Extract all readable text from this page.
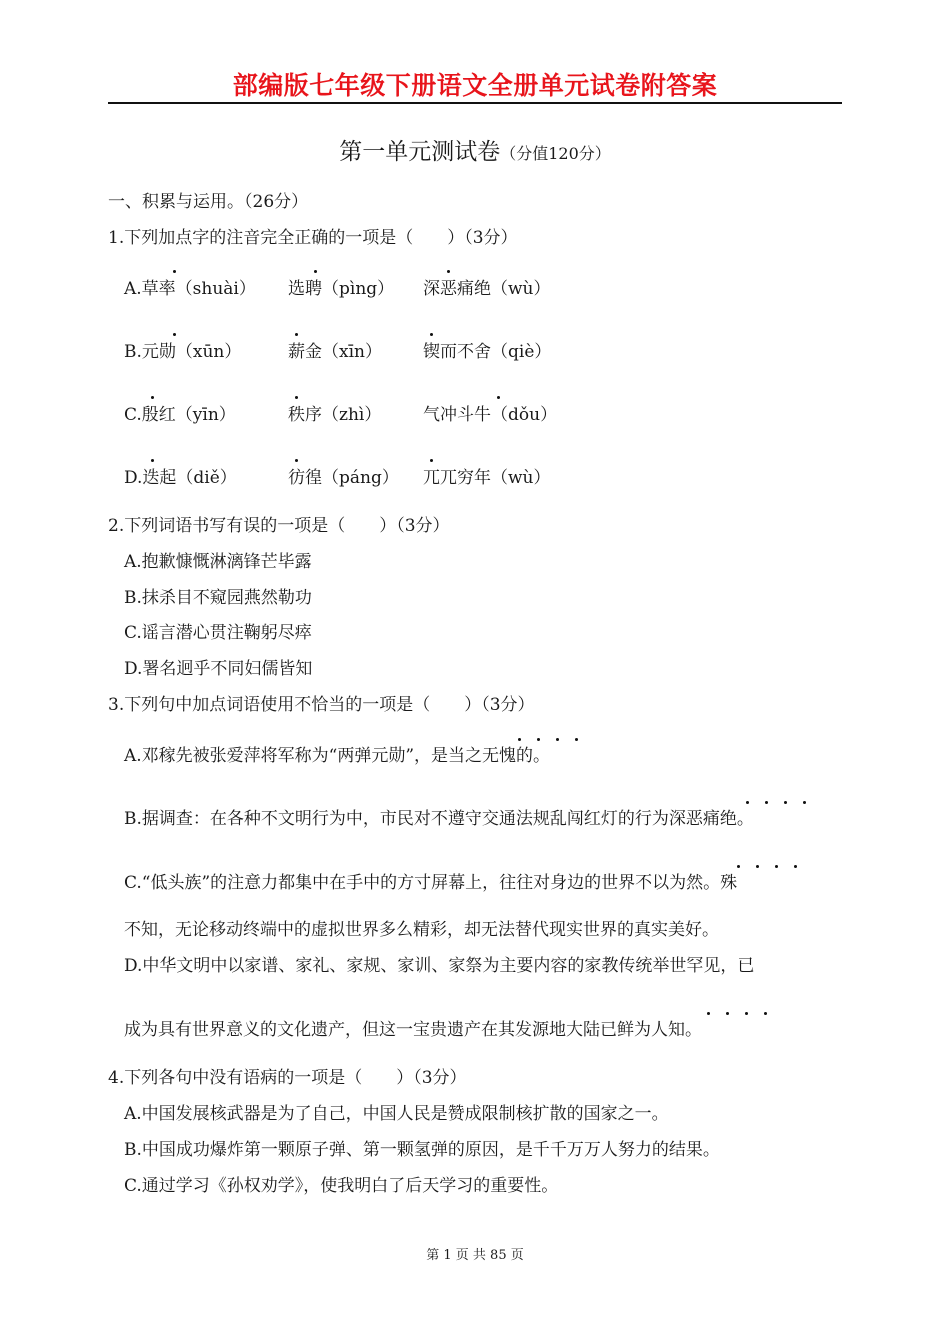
部编版七年级下册语文全册单元试卷附答案
第一单元测试卷（分值120分）
一、积累与运用。（26分）
1.下列加点字的注音完全正确的一项是（　　）（3分）
A.草率（shuài） 选聘（pìng） 深恶痛绝（wù）
B.元勋（xūn）	薪金（xīn） 锲而不舍（qiè）
C.殷红（yīn）	秩序（zhì） 气冲斗牛（dǒu）
D.迭起（diě）	彷徨（páng） 兀兀穷年（wù）
2.下列词语书写有误的一项是（　　）（3分）
A.抱歉慷慨淋漓锋芒毕露
B.抹杀目不窥园燕然勒功
C.谣言潜心贯注鞠躬尽瘁
D.署名迥乎不同妇儒皆知
3.下列句中加点词语使用不恰当的一项是（　　）（3分）
A.邓稼先被张爱萍将军称为“两弹元勋”，是当之无愧的。
B.据调查：在各种不文明行为中，市民对不遵守交通法规乱闯红灯的行为深恶痛绝。
C.“低头族”的注意力都集中在手中的方寸屏幕上，往往对身边的世界不以为然。殊
不知，无论移动终端中的虚拟世界多么精彩，却无法替代现实世界的真实美好。
D.中华文明中以家谱、家礼、家规、家训、家祭为主要内容的家教传统举世罕见，已
成为具有世界意义的文化遗产，但这一宝贵遗产在其发源地大陆已鲜为人知。
4.下列各句中没有语病的一项是（　　）（3分）
A.中国发展核武器是为了自己，中国人民是赞成限制核扩散的国家之一。
B.中国成功爆炸第一颗原子弹、第一颗氢弹的原因，是千千万万人努力的结果。
C.通过学习《孙权劝学》，使我明白了后天学习的重要性。
第 1 页 共 85 页
